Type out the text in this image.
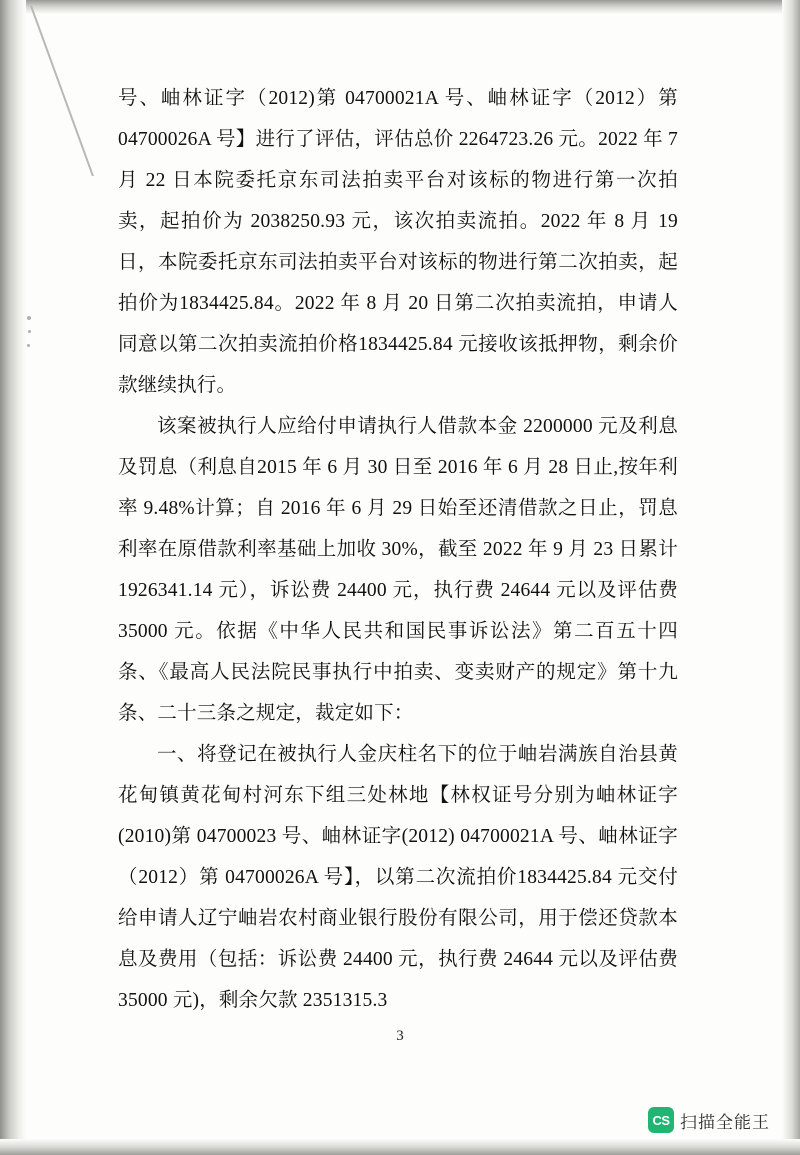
号、岫林证字（2012)第 04700021A 号、岫林证字（2012）第 04700026A 号】进行了评估，评估总价 2264723.26 元。2022 年 7 月 22 日本院委托京东司法拍卖平台对该标的物进行第一次拍卖，起拍价为 2038250.93 元，该次拍卖流拍。2022 年 8 月 19 日，本院委托京东司法拍卖平台对该标的物进行第二次拍卖，起拍价为1834425.84。2022 年 8 月 20 日第二次拍卖流拍，申请人同意以第二次拍卖流拍价格1834425.84 元接收该抵押物，剩余价款继续执行。

该案被执行人应给付申请执行人借款本金 2200000 元及利息及罚息（利息自2015 年 6 月 30 日至 2016 年 6 月 28 日止,按年利率 9.48%计算；自 2016 年 6 月 29 日始至还清借款之日止，罚息利率在原借款利率基础上加收 30%，截至 2022 年 9 月 23 日累计 1926341.14 元），诉讼费 24400 元，执行费 24644 元以及评估费 35000 元。依据《中华人民共和国民事诉讼法》第二百五十四条、《最高人民法院民事执行中拍卖、变卖财产的规定》第十九条、二十三条之规定，裁定如下：

一、将登记在被执行人金庆柱名下的位于岫岩满族自治县黄花甸镇黄花甸村河东下组三处林地【林权证号分别为岫林证字(2010)第 04700023 号、岫林证字(2012) 04700021A 号、岫林证字（2012）第 04700026A 号】，以第二次流拍价1834425.84 元交付给申请人辽宁岫岩农村商业银行股份有限公司，用于偿还贷款本息及费用（包括：诉讼费 24400 元，执行费 24644 元以及评估费 35000 元)，剩余欠款 2351315.3

3
CS 扫描全能王
